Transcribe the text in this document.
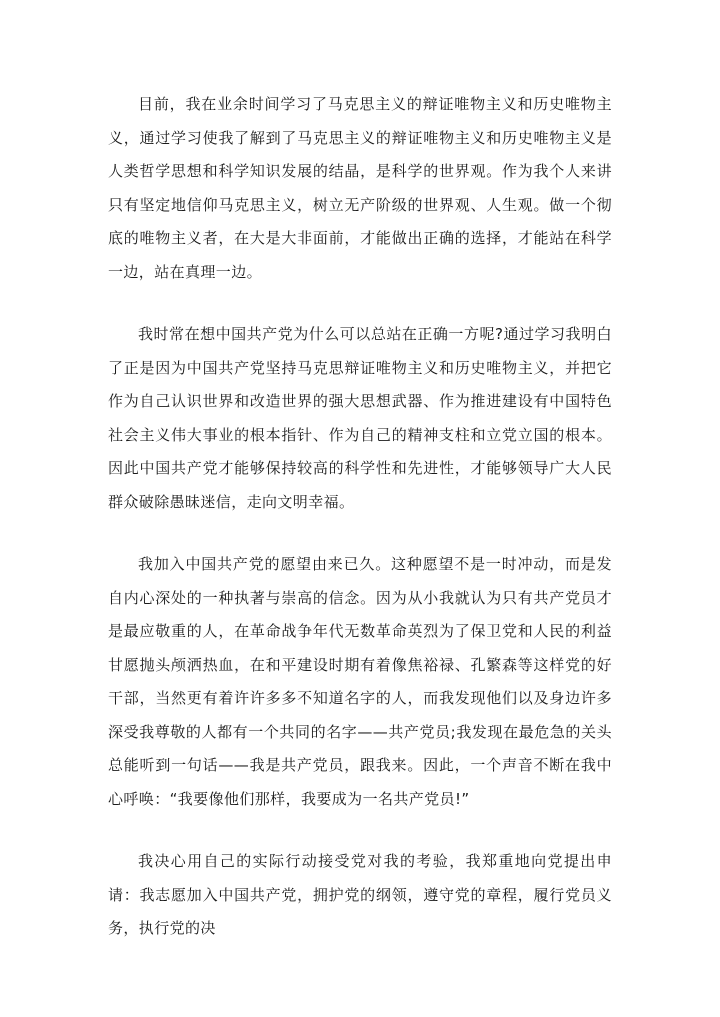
目前，我在业余时间学习了马克思主义的辩证唯物主义和历史唯物主义，通过学习使我了解到了马克思主义的辩证唯物主义和历史唯物主义是人类哲学思想和科学知识发展的结晶，是科学的世界观。作为我个人来讲只有坚定地信仰马克思主义，树立无产阶级的世界观、人生观。做一个彻底的唯物主义者，在大是大非面前，才能做出正确的选择，才能站在科学一边，站在真理一边。

我时常在想中国共产党为什么可以总站在正确一方呢?通过学习我明白了正是因为中国共产党坚持马克思辩证唯物主义和历史唯物主义，并把它作为自己认识世界和改造世界的强大思想武器、作为推进建设有中国特色社会主义伟大事业的根本指针、作为自己的精神支柱和立党立国的根本。因此中国共产党才能够保持较高的科学性和先进性，才能够领导广大人民群众破除愚昧迷信，走向文明幸福。

我加入中国共产党的愿望由来已久。这种愿望不是一时冲动，而是发自内心深处的一种执著与崇高的信念。因为从小我就认为只有共产党员才是最应敬重的人，在革命战争年代无数革命英烈为了保卫党和人民的利益甘愿抛头颅洒热血，在和平建设时期有着像焦裕禄、孔繁森等这样党的好干部，当然更有着许许多多不知道名字的人，而我发现他们以及身边许多深受我尊敬的人都有一个共同的名字——共产党员;我发现在最危急的关头总能听到一句话——我是共产党员，跟我来。因此，一个声音不断在我中心呼唤：“我要像他们那样，我要成为一名共产党员!”

我决心用自己的实际行动接受党对我的考验，我郑重地向党提出申请：我志愿加入中国共产党，拥护党的纲领，遵守党的章程，履行党员义务，执行党的决
